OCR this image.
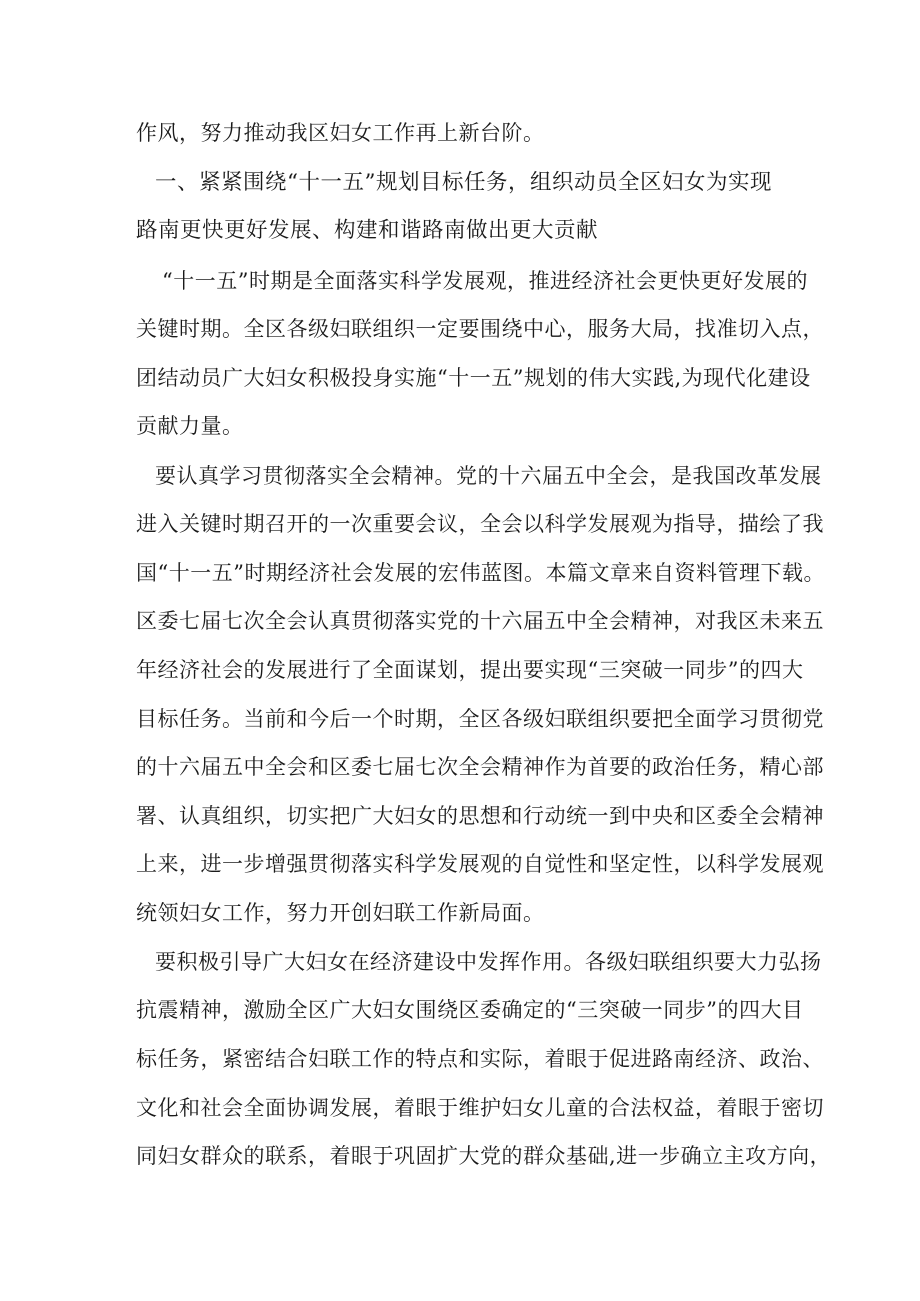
作风，努力推动我区妇女工作再上新台阶。
一、紧紧围绕“十一五”规划目标任务，组织动员全区妇女为实现
路南更快更好发展、构建和谐路南做出更大贡献
“十一五”时期是全面落实科学发展观，推进经济社会更快更好发展的
关键时期。全区各级妇联组织一定要围绕中心，服务大局，找准切入点，
团结动员广大妇女积极投身实施“十一五”规划的伟大实践,为现代化建设
贡献力量。
要认真学习贯彻落实全会精神。党的十六届五中全会，是我国改革发展
进入关键时期召开的一次重要会议，全会以科学发展观为指导，描绘了我
国“十一五”时期经济社会发展的宏伟蓝图。本篇文章来自资料管理下载。
区委七届七次全会认真贯彻落实党的十六届五中全会精神，对我区未来五
年经济社会的发展进行了全面谋划，提出要实现“三突破一同步”的四大
目标任务。当前和今后一个时期，全区各级妇联组织要把全面学习贯彻党
的十六届五中全会和区委七届七次全会精神作为首要的政治任务，精心部
署、认真组织，切实把广大妇女的思想和行动统一到中央和区委全会精神
上来，进一步增强贯彻落实科学发展观的自觉性和坚定性，以科学发展观
统领妇女工作，努力开创妇联工作新局面。
要积极引导广大妇女在经济建设中发挥作用。各级妇联组织要大力弘扬
抗震精神，激励全区广大妇女围绕区委确定的“三突破一同步”的四大目
标任务，紧密结合妇联工作的特点和实际，着眼于促进路南经济、政治、
文化和社会全面协调发展，着眼于维护妇女儿童的合法权益，着眼于密切
同妇女群众的联系，着眼于巩固扩大党的群众基础,进一步确立主攻方向，
